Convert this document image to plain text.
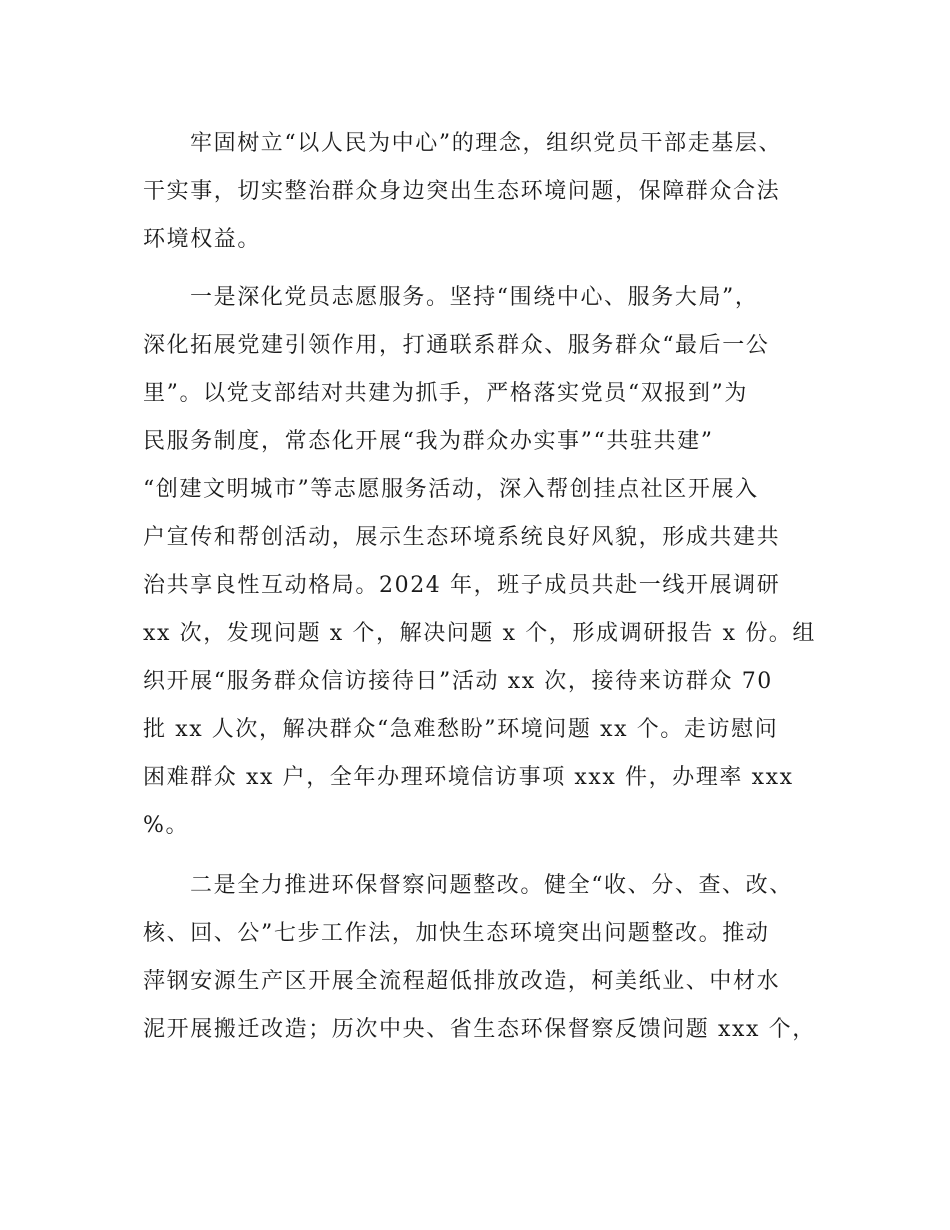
牢固树立“以人民为中心”的理念，组织党员干部走基层、

干实事，切实整治群众身边突出生态环境问题，保障群众合法

环境权益。

一是深化党员志愿服务。坚持“围绕中心、服务大局”，

深化拓展党建引领作用，打通联系群众、服务群众“最后一公

里”。以党支部结对共建为抓手，严格落实党员“双报到”为

民服务制度，常态化开展“我为群众办实事”“共驻共建”

“创建文明城市”等志愿服务活动，深入帮创挂点社区开展入

户宣传和帮创活动，展示生态环境系统良好风貌，形成共建共

治共享良性互动格局。2024 年，班子成员共赴一线开展调研

xx 次，发现问题 x 个，解决问题 x 个，形成调研报告 x 份。组

织开展“服务群众信访接待日”活动 xx 次，接待来访群众 70

批 xx 人次，解决群众“急难愁盼”环境问题 xx 个。走访慰问

困难群众 xx 户，全年办理环境信访事项 xxx 件，办理率 xxx

%。

二是全力推进环保督察问题整改。健全“收、分、查、改、

核、回、公”七步工作法，加快生态环境突出问题整改。推动

萍钢安源生产区开展全流程超低排放改造，柯美纸业、中材水

泥开展搬迁改造；历次中央、省生态环保督察反馈问题 xxx 个，
